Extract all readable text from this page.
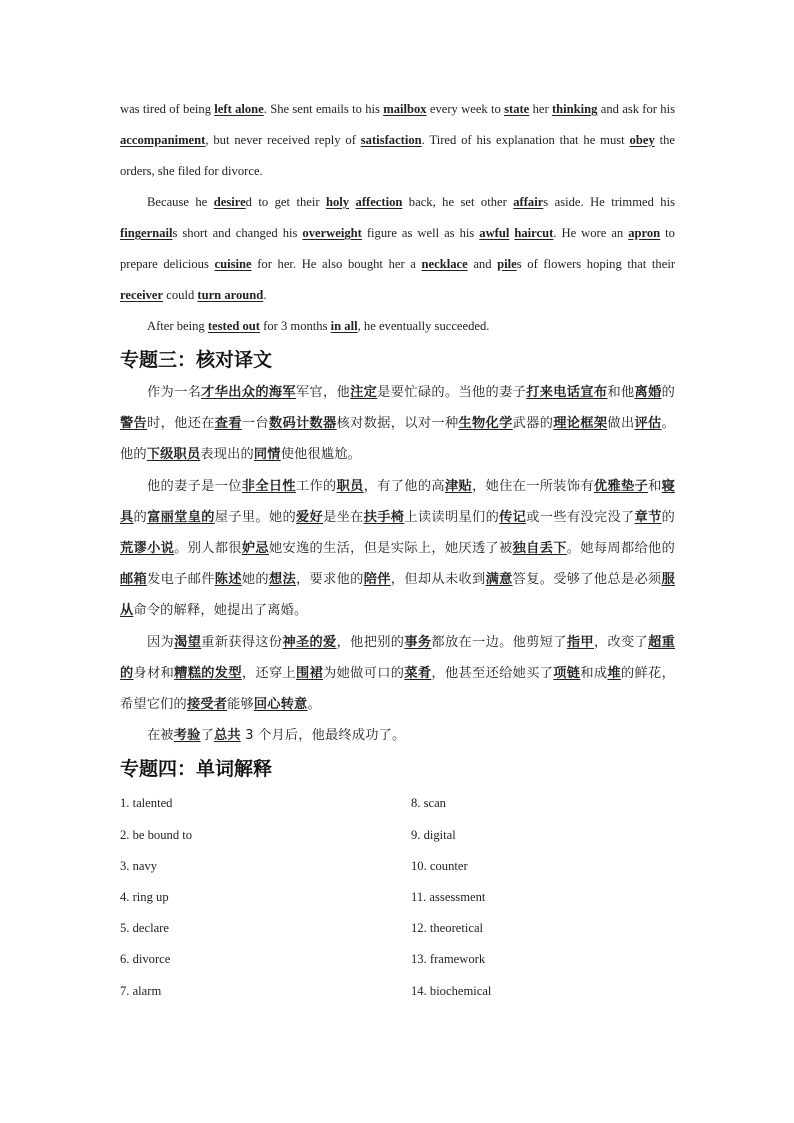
was tired of being left alone. She sent emails to his mailbox every week to state her thinking and ask for his accompaniment, but never received reply of satisfaction. Tired of his explanation that he must obey the orders, she filed for divorce.

Because he desired to get their holy affection back, he set other affairs aside. He trimmed his fingernails short and changed his overweight figure as well as his awful haircut. He wore an apron to prepare delicious cuisine for her. He also bought her a necklace and piles of flowers hoping that their receiver could turn around.

After being tested out for 3 months in all, he eventually succeeded.

专题三：核对译文

作为一名才华出众的海军军官，他注定是要忙碌的。当他的妻子打来电话宣布和他离婚的警告时，他还在查看一台数码计数器核对数据，以对一种生物化学武器的理论框架做出评估。他的下级职员表现出的同情使他很尴尬。

他的妻子是一位非全日性工作的职员，有了他的高津贴，她住在一所装饰有优雅垫子和寝具的富丽堂皇的屋子里。她的爱好是坐在扶手椅上读读明星们的传记或一些有没完没了章节的荒谬小说。别人都很妒忌她安逸的生活，但是实际上，她厌透了被独自丢下。她每周都给他的邮箱发电子邮件陈述她的想法，要求他的陪伴，但却从未收到满意答复。受够了他总是必须服从命令的解释，她提出了离婚。

因为渴望重新获得这份神圣的爱，他把别的事务都放在一边。他剪短了指甲，改变了超重的身材和糟糕的发型，还穿上围裙为她做可口的菜肴，他甚至还给她买了项链和成堆的鲜花，希望它们的接受者能够回心转意。

在被考验了总共 3 个月后，他最终成功了。

专题四：单词解释
1. talented	8. scan
2. be bound to	9. digital
3. navy	10. counter
4. ring up	11. assessment
5. declare	12. theoretical
6. divorce	13. framework
7. alarm	14. biochemical
